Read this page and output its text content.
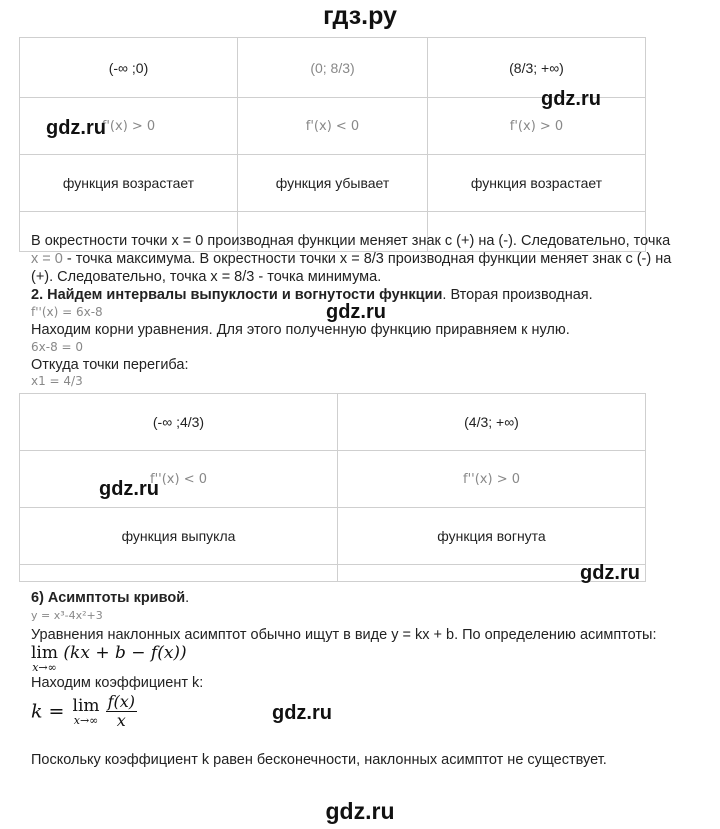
гдз.ру
(-∞ ;0)	(0; 8/3)	(8/3; +∞)
f'(x) > 0	f'(x) < 0	f'(x) > 0
функция возрастает	функция убывает	функция возрастает

gdz.ru
gdz.ru
В окрестности точки x = 0 производная функции меняет знак с (+) на (-). Следовательно, точка
x = 0 - точка максимума. В окрестности точки x = 8/3 производная функции меняет знак с (-) на
(+). Следовательно, точка x = 8/3 - точка минимума.
2. Найдем интервалы выпуклости и вогнутости функции. Вторая производная.
f''(x) = 6x-8	gdz.ru
Находим корни уравнения. Для этого полученную функцию приравняем к нулю.
6x-8 = 0
Откуда точки перегиба:
x1 = 4/3
(-∞ ;4/3)	(4/3; +∞)
f''(x) < 0	f''(x) > 0
функция выпукла	функция вогнута

gdz.ru
gdz.ru
6) Асимптоты кривой.
y = x³-4x²+3
Уравнения наклонных асимптот обычно ищут в виде y = kx + b. По определению асимптоты:
lim
x→∞
(kx + b − f(x))
Находим коэффициент k:
k = lim
x→∞
$\frac{f(x)}{x}$	gdz.ru
Поскольку коэффициент k равен бесконечности, наклонных асимптот не существует.
gdz.ru
